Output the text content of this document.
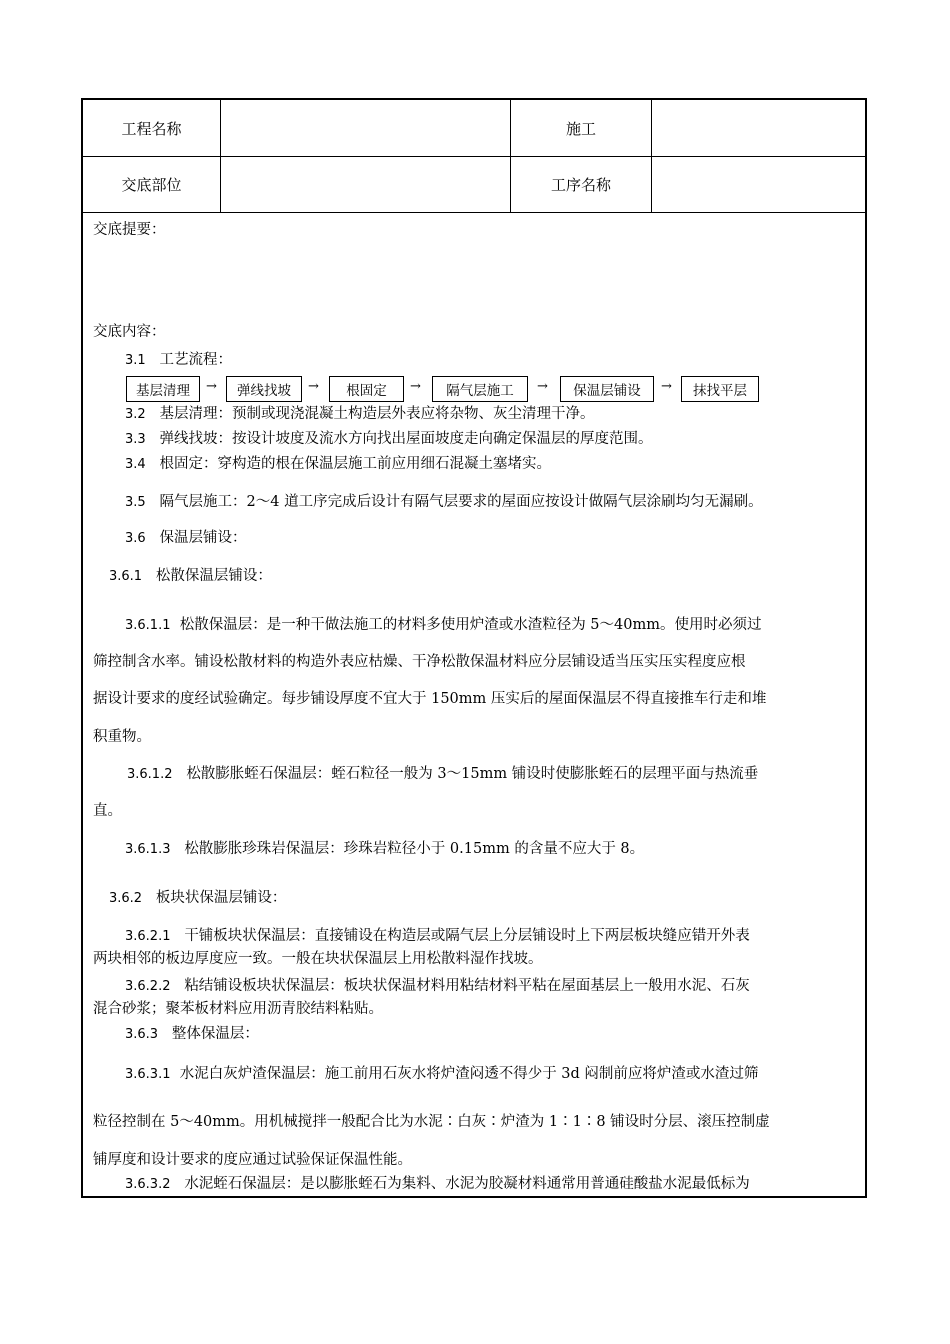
工程名称	施工
交底部位	工序名称
交底提要：
交底内容：
3.1 工艺流程：
基层清理	→	弹线找坡	→	根固定	→	隔气层施工	→	保温层铺设	→	抹找平层
3.2 基层清理：预制或现浇混凝土构造层外表应将杂物、灰尘清理干净。
3.3 弹线找坡：按设计坡度及流水方向找出屋面坡度走向确定保温层的厚度范围。
3.4 根固定：穿构造的根在保温层施工前应用细石混凝土塞堵实。
3.5 隔气层施工：2～4 道工序完成后设计有隔气层要求的屋面应按设计做隔气层涂刷均匀无漏刷。
3.6 保温层铺设：
3.6.1 松散保温层铺设：
3.6.1.1 松散保温层：是一种干做法施工的材料多使用炉渣或水渣粒径为 5～40mm。使用时必须过
筛控制含水率。铺设松散材料的构造外表应枯燥、干净松散保温材料应分层铺设适当压实压实程度应根
据设计要求的度经试验确定。每步铺设厚度不宜大于 150mm 压实后的屋面保温层不得直接推车行走和堆
积重物。
3.6.1.2 松散膨胀蛭石保温层：蛭石粒径一般为 3～15mm 铺设时使膨胀蛭石的层理平面与热流垂
直。
3.6.1.3 松散膨胀珍珠岩保温层：珍珠岩粒径小于 0.15mm 的含量不应大于 8。
3.6.2 板块状保温层铺设：
3.6.2.1 干铺板块状保温层：直接铺设在构造层或隔气层上分层铺设时上下两层板块缝应错开外表
两块相邻的板边厚度应一致。一般在块状保温层上用松散料湿作找坡。
3.6.2.2 粘结铺设板块状保温层：板块状保温材料用粘结材料平粘在屋面基层上一般用水泥、石灰
混合砂浆；聚苯板材料应用沥青胶结料粘贴。
3.6.3 整体保温层：
3.6.3.1 水泥白灰炉渣保温层：施工前用石灰水将炉渣闷透不得少于 3d 闷制前应将炉渣或水渣过筛
粒径控制在 5～40mm。用机械搅拌一般配合比为水泥∶白灰∶炉渣为 1∶1∶8 铺设时分层、滚压控制虚
铺厚度和设计要求的度应通过试验保证保温性能。
3.6.3.2 水泥蛭石保温层：是以膨胀蛭石为集料、水泥为胶凝材料通常用普通硅酸盐水泥最低标为
